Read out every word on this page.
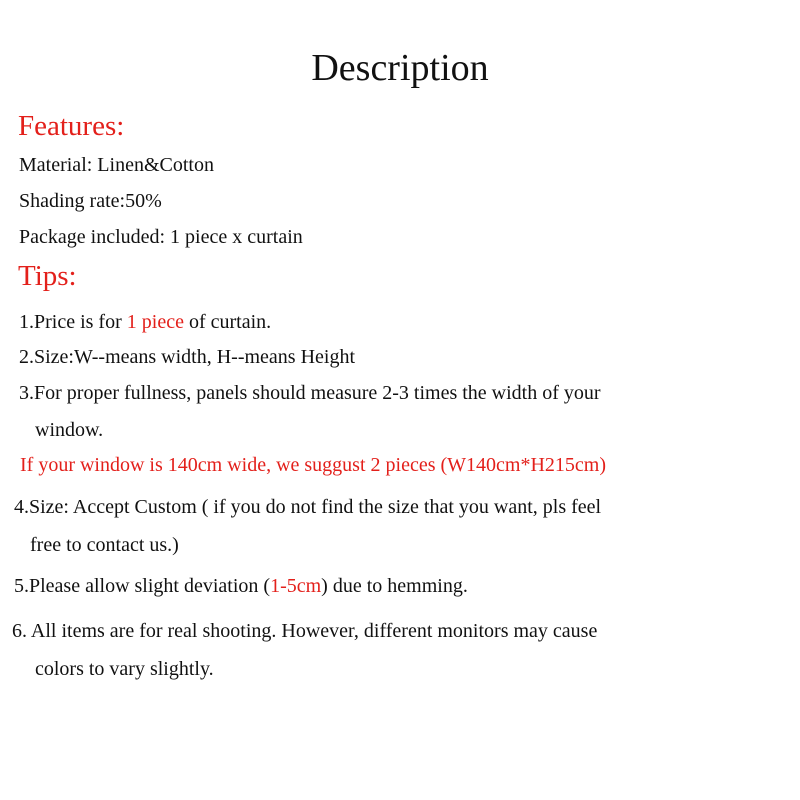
Description
Features:
Material: Linen&Cotton
Shading rate:50%
Package included: 1 piece x curtain
Tips:
1.Price is for 1 piece of curtain.
2.Size:W--means width, H--means Height
3.For proper fullness, panels should measure 2-3 times the width of your
window.
If your window is 140cm wide, we suggust 2 pieces (W140cm*H215cm)
4.Size: Accept Custom ( if you do not find the size that you want, pls feel
free to contact us.)
5.Please allow slight deviation (1-5cm) due to hemming.
6. All items are for real shooting. However, different monitors may cause
colors to vary slightly.
